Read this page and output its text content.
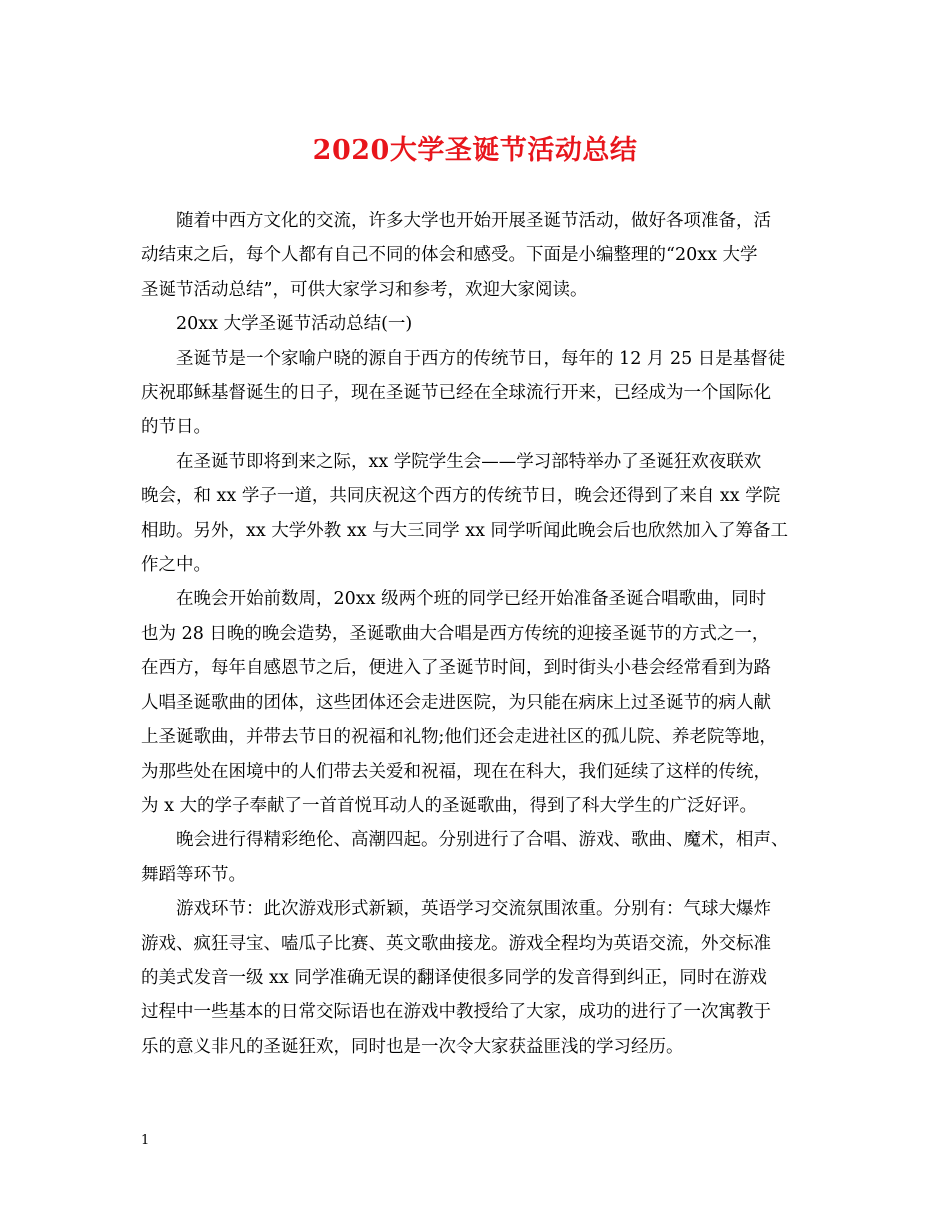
2020大学圣诞节活动总结

随着中西方文化的交流，许多大学也开始开展圣诞节活动，做好各项准备，活
动结束之后，每个人都有自己不同的体会和感受。下面是小编整理的“20xx 大学
圣诞节活动总结”，可供大家学习和参考，欢迎大家阅读。

20xx 大学圣诞节活动总结(一)

圣诞节是一个家喻户晓的源自于西方的传统节日，每年的 12 月 25 日是基督徒
庆祝耶稣基督诞生的日子，现在圣诞节已经在全球流行开来，已经成为一个国际化
的节日。

在圣诞节即将到来之际，xx 学院学生会——学习部特举办了圣诞狂欢夜联欢
晚会，和 xx 学子一道，共同庆祝这个西方的传统节日，晚会还得到了来自 xx 学院
相助。另外，xx 大学外教 xx 与大三同学 xx 同学听闻此晚会后也欣然加入了筹备工
作之中。

在晚会开始前数周，20xx 级两个班的同学已经开始准备圣诞合唱歌曲，同时
也为 28 日晚的晚会造势，圣诞歌曲大合唱是西方传统的迎接圣诞节的方式之一，
在西方，每年自感恩节之后，便进入了圣诞节时间，到时街头小巷会经常看到为路
人唱圣诞歌曲的团体，这些团体还会走进医院，为只能在病床上过圣诞节的病人献
上圣诞歌曲，并带去节日的祝福和礼物;他们还会走进社区的孤儿院、养老院等地，
为那些处在困境中的人们带去关爱和祝福，现在在科大，我们延续了这样的传统，
为 x 大的学子奉献了一首首悦耳动人的圣诞歌曲，得到了科大学生的广泛好评。

晚会进行得精彩绝伦、高潮四起。分别进行了合唱、游戏、歌曲、魔术，相声、
舞蹈等环节。

游戏环节：此次游戏形式新颖，英语学习交流氛围浓重。分别有：气球大爆炸
游戏、疯狂寻宝、嗑瓜子比赛、英文歌曲接龙。游戏全程均为英语交流，外交标准
的美式发音一级 xx 同学准确无误的翻译使很多同学的发音得到纠正，同时在游戏
过程中一些基本的日常交际语也在游戏中教授给了大家，成功的进行了一次寓教于
乐的意义非凡的圣诞狂欢，同时也是一次令大家获益匪浅的学习经历。

1
